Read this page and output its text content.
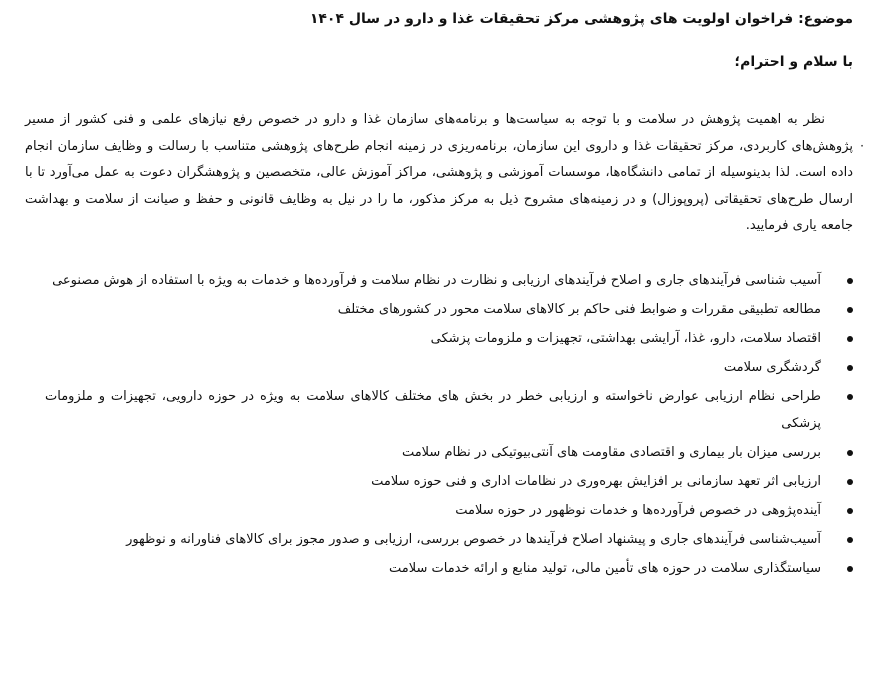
موضوع: فراخوان اولویت های پژوهشی مرکز تحقیقات غذا و دارو در سال ۱۴۰۴
با سلام و احترام؛

نظر به اهمیت پژوهش در سلامت و با توجه به سیاست‌ها و برنامه‌های سازمان غذا و دارو در خصوص رفع نیازهای علمی و فنی کشور از مسیر پژوهش‌های کاربردی، مرکز تحقیقات غذا و داروی این سازمان، برنامه‌ریزی در زمینه انجام طرح‌های پژوهشی متناسب با رسالت و وظایف سازمان انجام داده است. لذا بدینوسیله از تمامی دانشگاه‌ها، موسسات آموزشی و پژوهشی، مراکز آموزش عالی، متخصصین و پژوهشگران دعوت به عمل می‌آورد تا با ارسال طرح‌های تحقیقاتی (پروپوزال) و در زمینه‌های مشروح ذیل به مرکز مذکور، ما را در نیل به وظایف قانونی و حفظ و صیانت از سلامت و بهداشت جامعه یاری فرمایید.

·
آسیب شناسی فرآیندهای جاری و اصلاح فرآیندهای ارزیابی و نظارت در نظام سلامت و فرآورده‌ها و خدمات به ویژه با استفاده از هوش مصنوعی
مطالعه تطبیقی مقررات و ضوابط فنی حاکم بر کالاهای سلامت محور در کشورهای مختلف
اقتصاد سلامت، دارو، غذا، آرایشی بهداشتی، تجهیزات و ملزومات پزشکی
گردشگری سلامت
طراحی نظام ارزیابی عوارض ناخواسته و ارزیابی خطر در بخش های مختلف کالاهای سلامت به ویژه در حوزه دارویی، تجهیزات و ملزومات پزشکی
بررسی میزان بار بیماری و اقتصادی مقاومت های آنتی‌بیوتیکی در نظام سلامت
ارزیابی اثر تعهد سازمانی بر افزایش بهره‌وری در نظامات اداری و فنی حوزه سلامت
آینده‌پژوهی در خصوص فرآورده‌ها و خدمات نوظهور در حوزه سلامت
آسیب‌شناسی فرآیندهای جاری و پیشنهاد اصلاح فرآیندها در خصوص بررسی، ارزیابی و صدور مجوز برای کالاهای فناورانه و نوظهور
سیاستگذاری سلامت در حوزه های تأمین مالی، تولید منابع و ارائه خدمات سلامت
